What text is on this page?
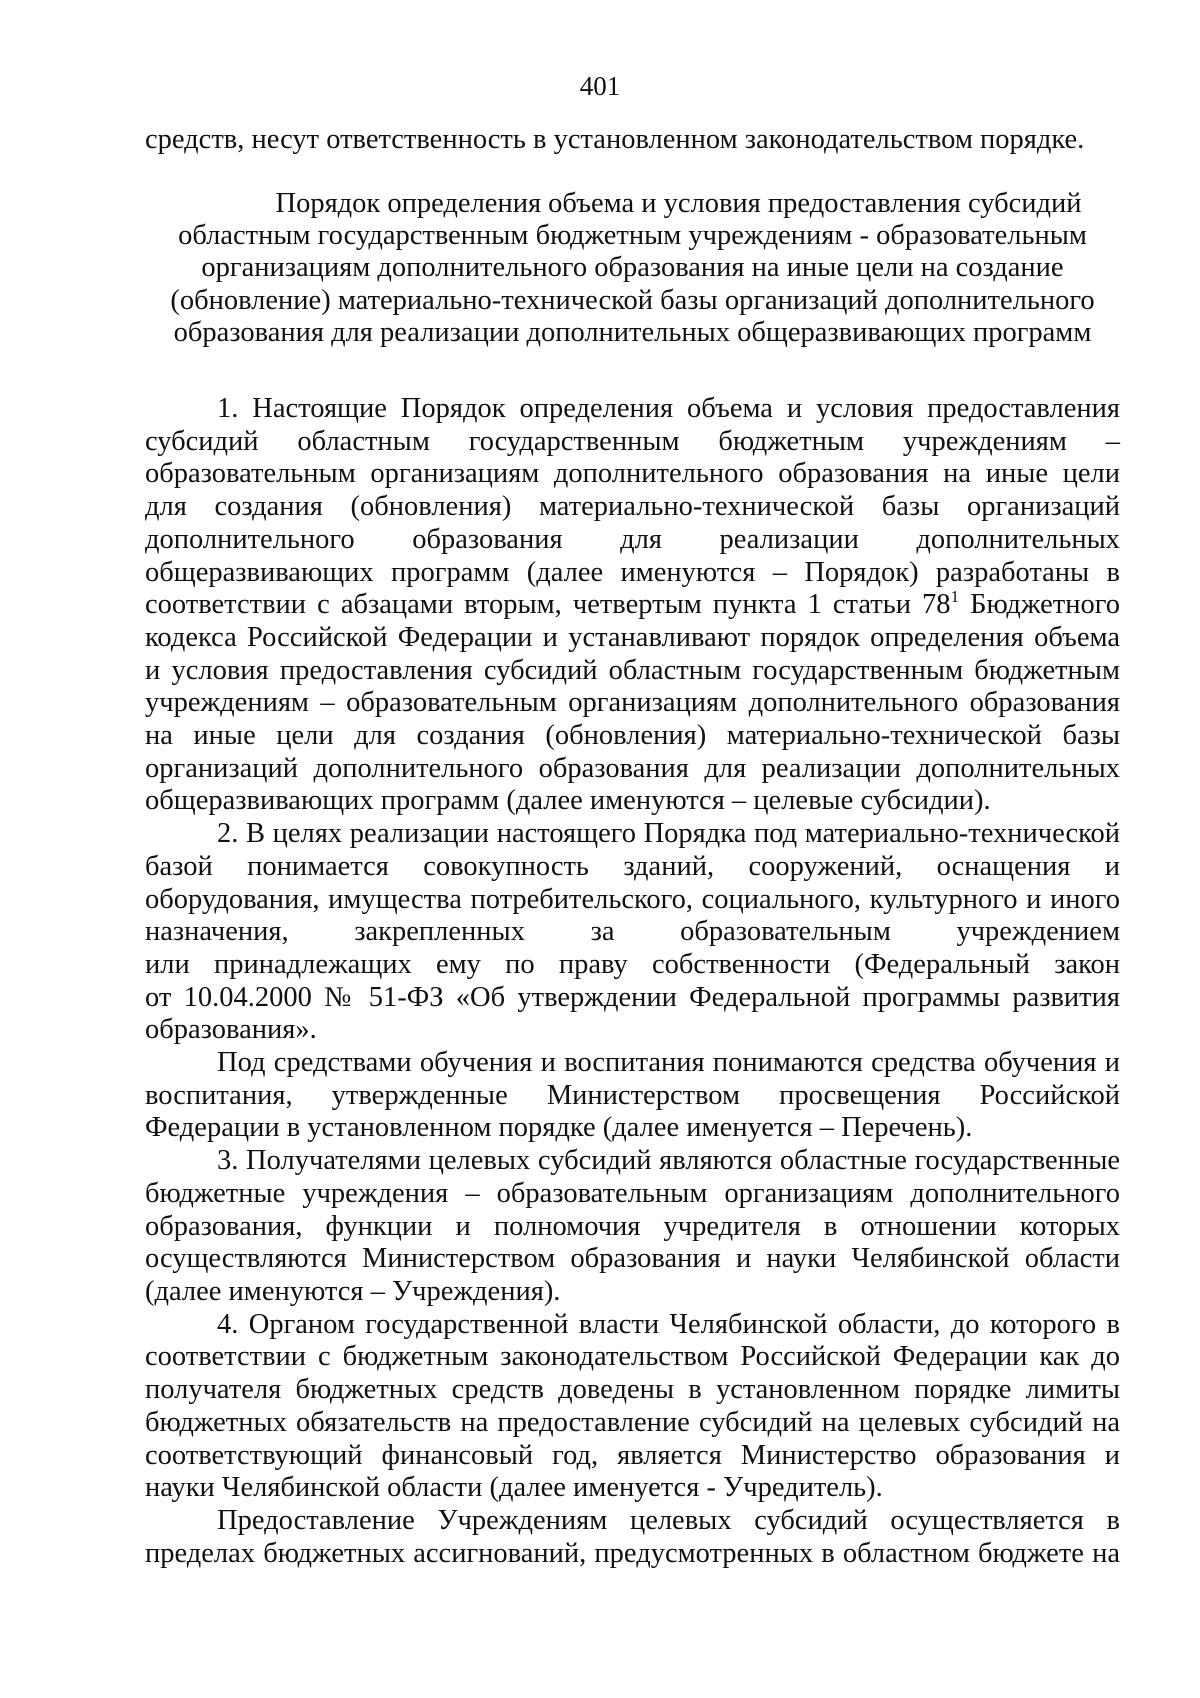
401
средств, несут ответственность в установленном законодательством порядке.
Порядок определения объема и условия предоставления субсидий
областным государственным бюджетным учреждениям - образовательным
организациям дополнительного образования на иные цели на создание
(обновление) материально-технической базы организаций дополнительного
образования для реализации дополнительных общеразвивающих программ

1. Настоящие Порядок определения объема и условия предоставления
субсидий областным государственным бюджетным учреждениям –
образовательным организациям дополнительного образования на иные цели
для создания (обновления) материально-технической базы организаций
дополнительного образования для реализации дополнительных
общеразвивающих программ (далее именуются – Порядок) разработаны в
соответствии с абзацами вторым, четвертым пункта 1 статьи $78^1$ Бюджетного
кодекса Российской Федерации и устанавливают порядок определения объема
и условия предоставления субсидий областным государственным бюджетным
учреждениям – образовательным организациям дополнительного образования
на иные цели для создания (обновления) материально-технической базы
организаций дополнительного образования для реализации дополнительных
общеразвивающих программ (далее именуются – целевые субсидии).

2. В целях реализации настоящего Порядка под материально-технической
базой понимается совокупность зданий, сооружений, оснащения и
оборудования, имущества потребительского, социального, культурного и иного
назначения, закрепленных за образовательным учреждением
или принадлежащих ему по праву собственности (Федеральный закон
от 10.04.2000 № 51-ФЗ «Об утверждении Федеральной программы развития
образования».

Под средствами обучения и воспитания понимаются средства обучения и
воспитания, утвержденные Министерством просвещения Российской
Федерации в установленном порядке (далее именуется – Перечень).

3. Получателями целевых субсидий являются областные государственные
бюджетные учреждения – образовательным организациям дополнительного
образования, функции и полномочия учредителя в отношении которых
осуществляются Министерством образования и науки Челябинской области
(далее именуются – Учреждения).

4. Органом государственной власти Челябинской области, до которого в
соответствии с бюджетным законодательством Российской Федерации как до
получателя бюджетных средств доведены в установленном порядке лимиты
бюджетных обязательств на предоставление субсидий на целевых субсидий на
соответствующий финансовый год, является Министерство образования и
науки Челябинской области (далее именуется - Учредитель).

Предоставление Учреждениям целевых субсидий осуществляется в
пределах бюджетных ассигнований, предусмотренных в областном бюджете на
